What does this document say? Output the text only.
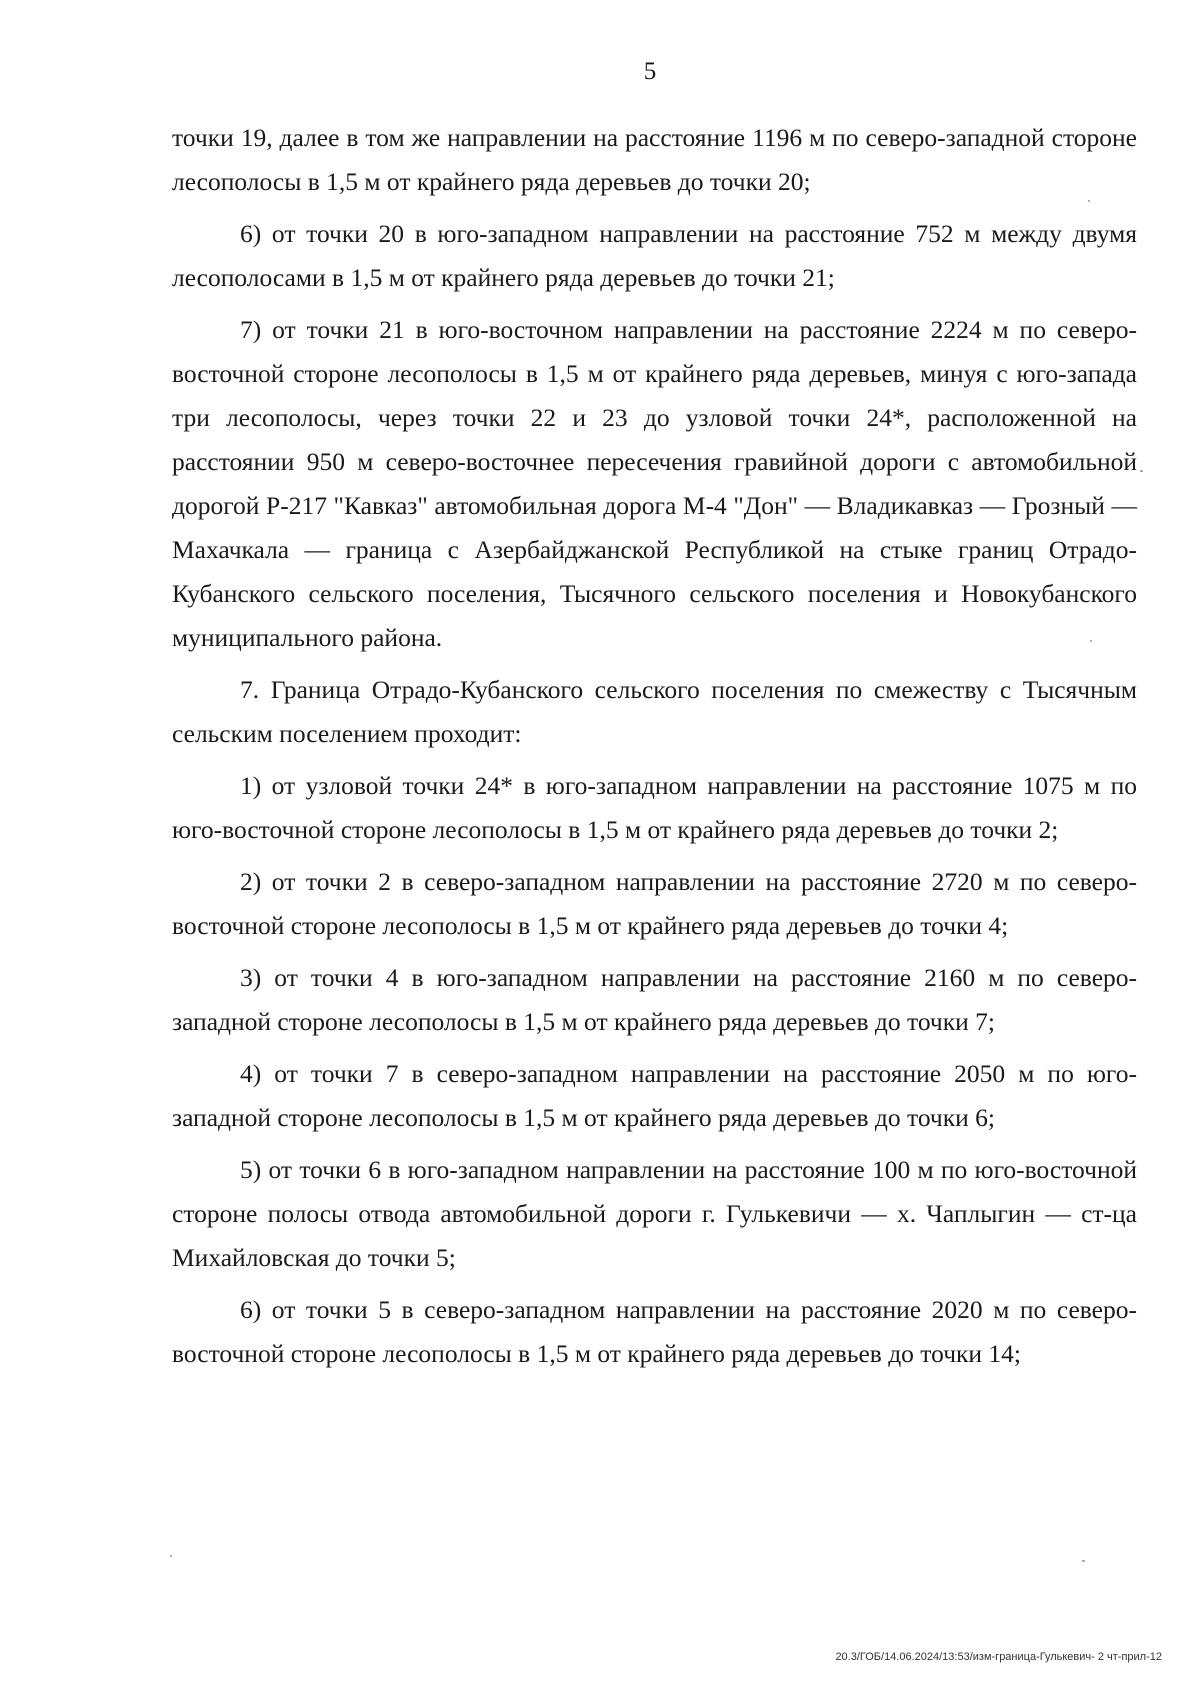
5

точки 19, далее в том же направлении на расстояние 1196 м по северо-западной стороне лесополосы в 1,5 м от крайнего ряда деревьев до точки 20;

6) от точки 20 в юго-западном направлении на расстояние 752 м между двумя лесополосами в 1,5 м от крайнего ряда деревьев до точки 21;

7) от точки 21 в юго-восточном направлении на расстояние 2224 м по северо-восточной стороне лесополосы в 1,5 м от крайнего ряда деревьев, минуя с юго-запада три лесополосы, через точки 22 и 23 до узловой точки 24*, расположенной на расстоянии 950 м северо-восточнее пересечения гравийной дороги с автомобильной дорогой Р-217 "Кавказ" автомобильная дорога М-4 "Дон" — Владикавказ — Грозный — Махачкала — граница с Азербайджанской Республикой на стыке границ Отрадо-Кубанского сельского поселения, Тысячного сельского поселения и Новокубанского муниципального района.

7. Граница Отрадо-Кубанского сельского поселения по смежеству с Тысячным сельским поселением проходит:

1) от узловой точки 24* в юго-западном направлении на расстояние 1075 м по юго-восточной стороне лесополосы в 1,5 м от крайнего ряда деревьев до точки 2;

2) от точки 2 в северо-западном направлении на расстояние 2720 м по северо-восточной стороне лесополосы в 1,5 м от крайнего ряда деревьев до точки 4;

3) от точки 4 в юго-западном направлении на расстояние 2160 м по северо-западной стороне лесополосы в 1,5 м от крайнего ряда деревьев до точки 7;

4) от точки 7 в северо-западном направлении на расстояние 2050 м по юго-западной стороне лесополосы в 1,5 м от крайнего ряда деревьев до точки 6;

5) от точки 6 в юго-западном направлении на расстояние 100 м по юго-восточной стороне полосы отвода автомобильной дороги г. Гулькевичи — х. Чаплыгин — ст-ца Михайловская до точки 5;

6) от точки 5 в северо-западном направлении на расстояние 2020 м по северо-восточной стороне лесополосы в 1,5 м от крайнего ряда деревьев до точки 14;

20.3/ГОБ/14.06.2024/13:53/изм-граница-Гулькевич- 2 чт-прил-12
